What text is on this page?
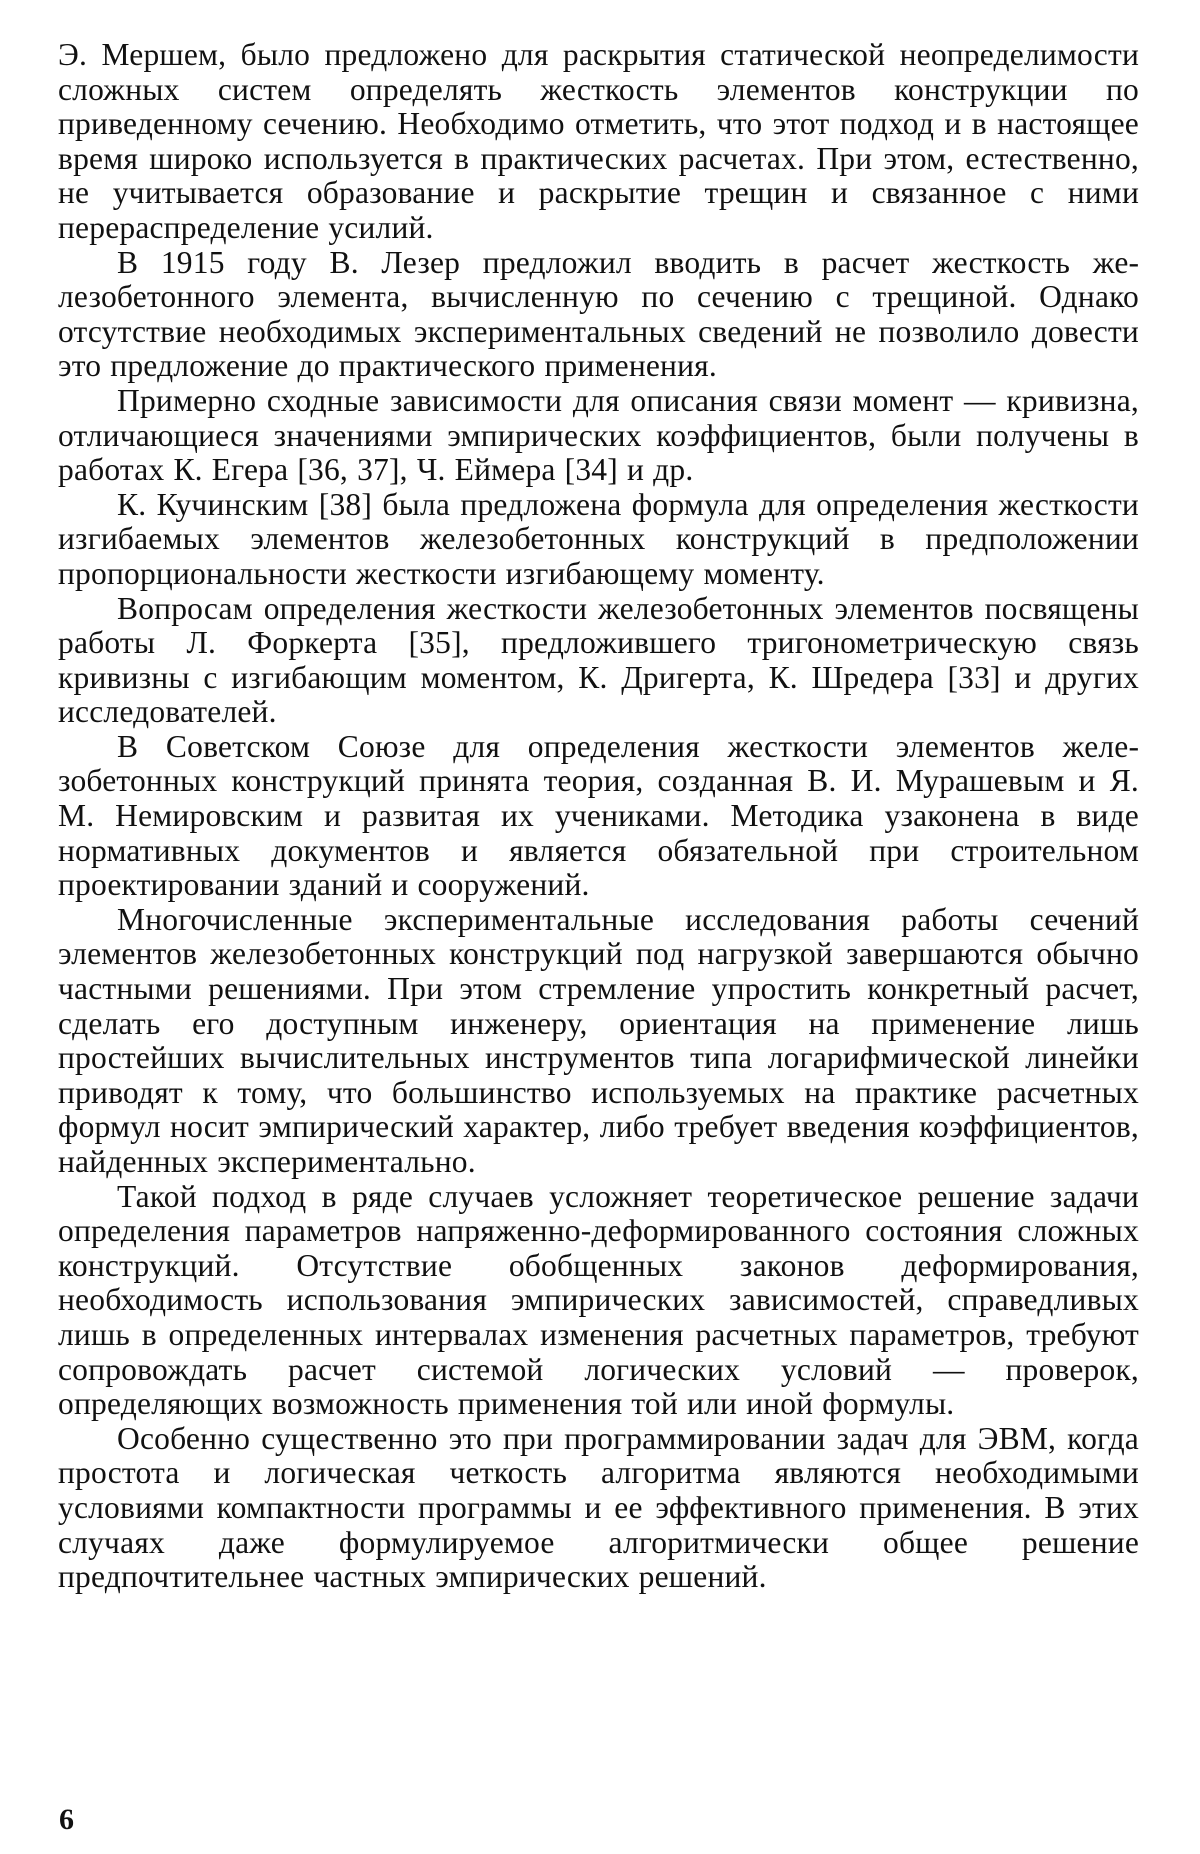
Э. Мершем, было предложено для раскрытия статической неопределимости сложных систем определять жесткость элементов конструкции по приведенному сечению. Необходимо отметить, что этот подход и в настоящее время широко используется в практических расчетах. При этом, естественно, не учитывается образование и раскрытие трещин и связанное с ними перераспределение усилий.

В 1915 году В. Лезер предложил вводить в расчет жесткость железобетонного элемента, вычисленную по сечению с трещиной. Однако отсутствие необходимых экспериментальных сведений не позволило довести это предложение до практического применения.

Примерно сходные зависимости для описания связи момент — кривизна, отличающиеся значениями эмпирических коэффициентов, были получены в работах К. Егера [36, 37], Ч. Еймера [34] и др.

К. Кучинским [38] была предложена формула для определения жесткости изгибаемых элементов железобетонных конструкций в предположении пропорциональности жесткости изгибающему моменту.

Вопросам определения жесткости железобетонных элементов посвящены работы Л. Форкерта [35], предложившего тригонометрическую связь кривизны с изгибающим моментом, К. Дригерта, К. Шредера [33] и других исследователей.

В Советском Союзе для определения жесткости элементов железобетонных конструкций принята теория, созданная В. И. Мурашевым и Я. М. Немировским и развитая их учениками. Методика узаконена в виде нормативных документов и является обязательной при строительном проектировании зданий и сооружений.

Многочисленные экспериментальные исследования работы сечений элементов железобетонных конструкций под нагрузкой завершаются обычно частными решениями. При этом стремление упростить конкретный расчет, сделать его доступным инженеру, ориентация на применение лишь простейших вычислительных инструментов типа логарифмической линейки приводят к тому, что большинство используемых на практике расчетных формул носит эмпирический характер, либо требует введения коэффициентов, найденных экспериментально.

Такой подход в ряде случаев усложняет теоретическое решение задачи определения параметров напряженно-деформированного состояния сложных конструкций. Отсутствие обобщенных законов деформирования, необходимость использования эмпирических зависимостей, справедливых лишь в определенных интервалах изменения расчетных параметров, требуют сопровождать расчет системой логических условий — проверок, определяющих возможность применения той или иной формулы.

Особенно существенно это при программировании задач для ЭВМ, когда простота и логическая четкость алгоритма являются необходимыми условиями компактности программы и ее эффективного применения. В этих случаях даже формулируемое алгоритмически общее решение предпочтительнее частных эмпирических решений.

6
